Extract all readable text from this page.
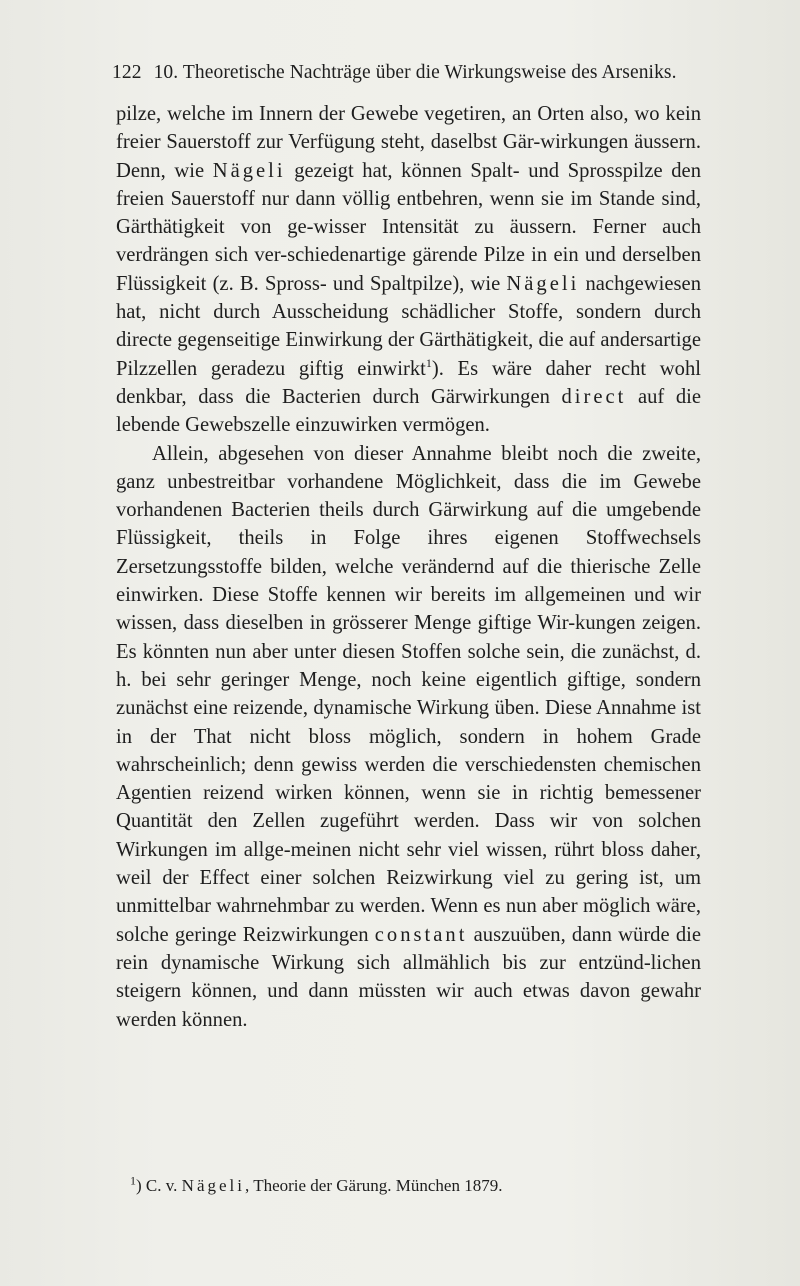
122 10. Theoretische Nachträge über die Wirkungsweise des Arseniks.

pilze, welche im Innern der Gewebe vegetiren, an Orten also, wo kein freier Sauerstoff zur Verfügung steht, daselbst Gär-wirkungen äussern. Denn, wie Nägeli gezeigt hat, können Spalt- und Sprosspilze den freien Sauerstoff nur dann völlig entbehren, wenn sie im Stande sind, Gärthätigkeit von ge-wisser Intensität zu äussern. Ferner auch verdrängen sich ver-schiedenartige gärende Pilze in ein und derselben Flüssigkeit (z. B. Spross- und Spaltpilze), wie Nägeli nachgewiesen hat, nicht durch Ausscheidung schädlicher Stoffe, sondern durch directe gegenseitige Einwirkung der Gärthätigkeit, die auf andersartige Pilzzellen geradezu giftig einwirkt$^1$). Es wäre daher recht wohl denkbar, dass die Bacterien durch Gärwirkungen direct auf die lebende Gewebszelle einzuwirken vermögen.

Allein, abgesehen von dieser Annahme bleibt noch die zweite, ganz unbestreitbar vorhandene Möglichkeit, dass die im Gewebe vorhandenen Bacterien theils durch Gärwirkung auf die umgebende Flüssigkeit, theils in Folge ihres eigenen Stoffwechsels Zersetzungsstoffe bilden, welche verändernd auf die thierische Zelle einwirken. Diese Stoffe kennen wir bereits im allgemeinen und wir wissen, dass dieselben in grösserer Menge giftige Wir-kungen zeigen. Es könnten nun aber unter diesen Stoffen solche sein, die zunächst, d. h. bei sehr geringer Menge, noch keine eigentlich giftige, sondern zunächst eine reizende, dynamische Wirkung üben. Diese Annahme ist in der That nicht bloss möglich, sondern in hohem Grade wahrscheinlich; denn gewiss werden die verschiedensten chemischen Agentien reizend wirken können, wenn sie in richtig bemessener Quantität den Zellen zugeführt werden. Dass wir von solchen Wirkungen im allge-meinen nicht sehr viel wissen, rührt bloss daher, weil der Effect einer solchen Reizwirkung viel zu gering ist, um unmittelbar wahrnehmbar zu werden. Wenn es nun aber möglich wäre, solche geringe Reizwirkungen constant auszuüben, dann würde die rein dynamische Wirkung sich allmählich bis zur entzünd-lichen steigern können, und dann müssten wir auch etwas davon gewahr werden können.

$^1$) C. v. Nägeli, Theorie der Gärung. München 1879.
